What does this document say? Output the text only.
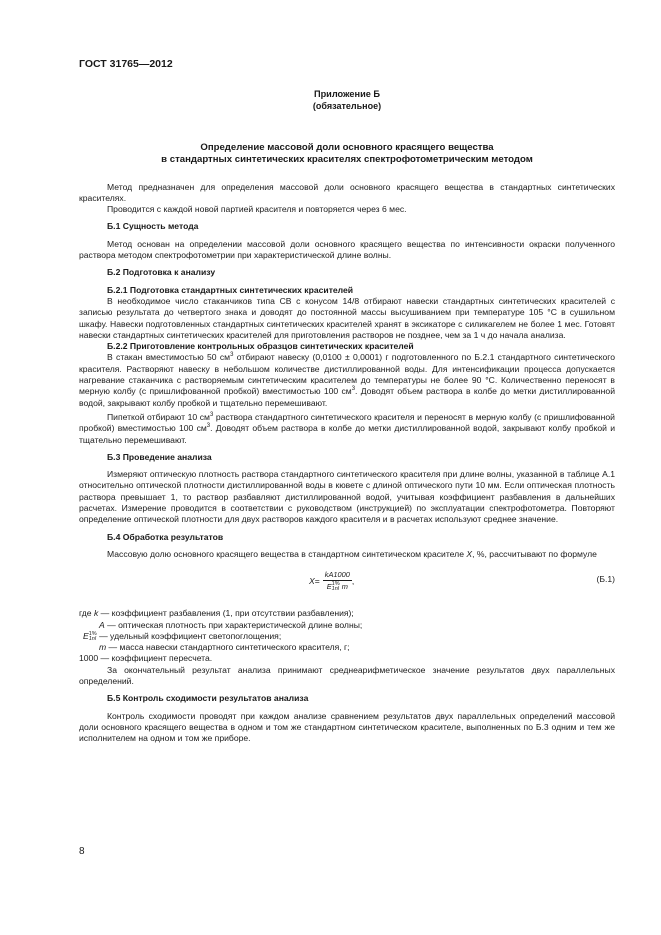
ГОСТ 31765—2012
Приложение Б
(обязательное)
Определение массовой доли основного красящего вещества
в стандартных синтетических красителях спектрофотометрическим методом

Метод предназначен для определения массовой доли основного красящего вещества в стандартных синтетических красителях.

Проводится с каждой новой партией красителя и повторяется через 6 мес.

Б.1 Сущность метода

Метод основан на определении массовой доли основного красящего вещества по интенсивности окраски полученного раствора методом спектрофотометрии при характеристической длине волны.

Б.2 Подготовка к анализу
Б.2.1 Подготовка стандартных синтетических красителей

В необходимое число стаканчиков типа СВ с конусом 14/8 отбирают навески стандартных синтетических красителей с записью результата до четвертого знака и доводят до постоянной массы высушиванием при температуре 105 °С в сушильном шкафу. Навески подготовленных стандартных синтетических красителей хранят в эксикаторе с силикагелем не более 1 мес. Готовят навески стандартных синтетических красителей для приготовления растворов не позднее, чем за 1 ч до начала анализа.

Б.2.2 Приготовление контрольных образцов синтетических красителей

В стакан вместимостью 50 $см^3$ отбирают навеску (0,0100 ± 0,0001) г подготовленного по Б.2.1 стандартного синтетического красителя. Растворяют навеску в небольшом количестве дистиллированной воды. Для интенсификации процесса допускается нагревание стаканчика с растворяемым синтетическим красителем до температуры не более 90 °С. Количественно переносят в мерную колбу (с пришлифованной пробкой) вместимостью 100 $см^3$. Доводят объем раствора в колбе до метки дистиллированной водой, закрывают колбу пробкой и тщательно перемешивают.

Пипеткой отбирают 10 $см^3$ раствора стандартного синтетического красителя и переносят в мерную колбу (с пришлифованной пробкой) вместимостью 100 $см^3$. Доводят объем раствора в колбе до метки дистиллированной водой, закрывают колбу пробкой и тщательно перемешивают.

Б.3 Проведение анализа

Измеряют оптическую плотность раствора стандартного синтетического красителя при длине волны, указанной в таблице А.1 относительно оптической плотности дистиллированной воды в кювете с длиной оптического пути 10 мм. Если оптическая плотность раствора превышает 1, то раствор разбавляют дистиллированной водой, учитывая коэффициент разбавления в дальнейших расчетах. Измерение проводится в соответствии с руководством (инструкцией) по эксплуатации спектрофотометра. Повторяют определение оптической плотности для двух растворов каждого красителя и в расчетах используют среднее значение.

Б.4 Обработка результатов

Массовую долю основного красящего вещества в стандартном синтетическом красителе X, %, рассчитывают по формуле

X = kA1000
E 1%
1nl m ,	(Б.1)

где k — коэффициент разбавления (1, при отсутствии разбавления);

A — оптическая плотность при характеристической длине волны;

E 1%
1nl — удельный коэффициент светопоглощения;

m — масса навески стандартного синтетического красителя, г;

1000 — коэффициент пересчета.

За окончательный результат анализа принимают среднеарифметическое значение результатов двух параллельных определений.

Б.5 Контроль сходимости результатов анализа

Контроль сходимости проводят при каждом анализе сравнением результатов двух параллельных определений массовой доли основного красящего вещества в одном и том же стандартном синтетическом красителе, выполненных по Б.3 одним и тем же исполнителем на одном и том же приборе.

8
